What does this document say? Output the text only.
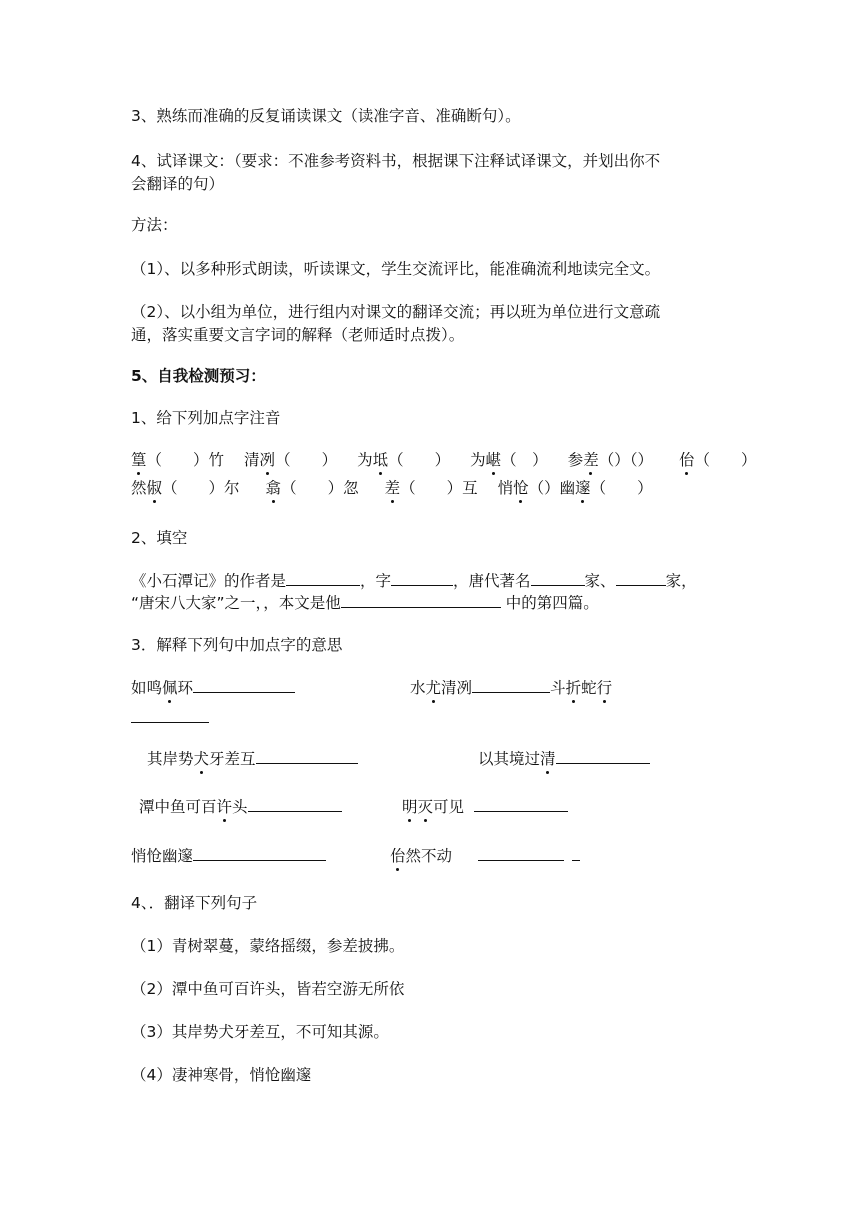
3、熟练而准确的反复诵读课文（读准字音、准确断句）。
4、试译课文：（要求：不准参考资料书，根据课下注释试译课文，并划出你不
会翻译的句）
方法：
（1）、以多种形式朗读，听读课文，学生交流评比，能准确流利地读完全文。
（2）、以小组为单位，进行组内对课文的翻译交流；再以班为单位进行文意疏
通，落实重要文言字词的解释（老师适时点拨）。
5、自我检测预习：
1、给下列加点字注音
篁（　　）竹 清冽（　　） 为坻（　　） 为嵁（　） 参差（）（） 佁（　　）
然俶（　　）尔 翕（　　）忽 差（　　）互 悄怆（）幽邃（　　）
2、填空
《小石潭记》的作者是	，字	，唐代著名	家、	家，
“唐宋八大家”之一，，本文是他	中的第四篇。
3．解释下列句中加点字的意思
如鸣佩环	水尤清冽	斗折蛇行
其岸势犬牙差互	以其境过清
潭中鱼可百许头	明灭可见
悄怆幽邃	佁然不动
4、．翻译下列句子
（1）青树翠蔓，蒙络摇缀，参差披拂。
（2）潭中鱼可百许头，皆若空游无所依
（3）其岸势犬牙差互，不可知其源。
（4）凄神寒骨，悄怆幽邃
